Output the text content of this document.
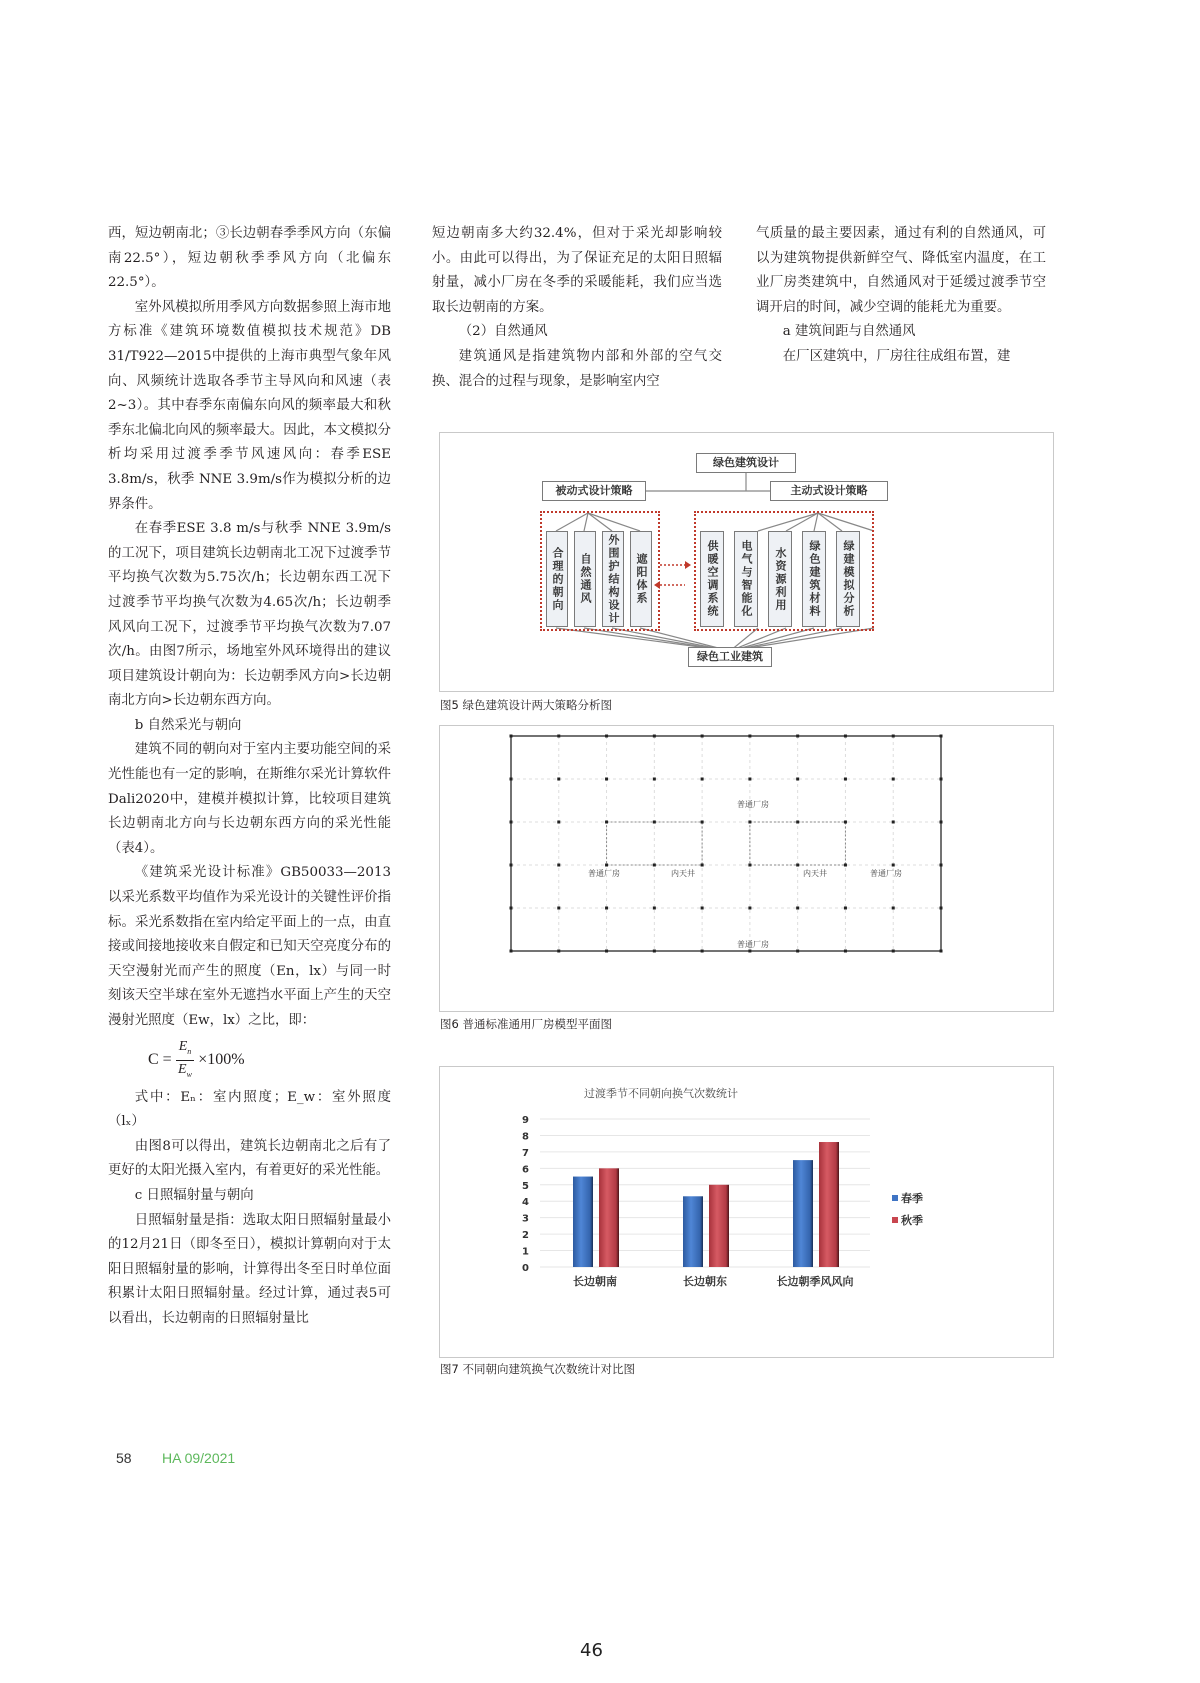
西，短边朝南北；③长边朝春季季风方向（东偏南22.5°），短边朝秋季季风方向（北偏东22.5°）。

室外风模拟所用季风方向数据参照上海市地方标准《建筑环境数值模拟技术规范》DB 31/T922—2015中提供的上海市典型气象年风向、风频统计选取各季节主导风向和风速（表2~3）。其中春季东南偏东向风的频率最大和秋季东北偏北向风的频率最大。因此，本文模拟分析均采用过渡季季节风速风向：春季ESE 3.8m/s，秋季 NNE 3.9m/s作为模拟分析的边界条件。

在春季ESE 3.8 m/s与秋季 NNE 3.9m/s的工况下，项目建筑长边朝南北工况下过渡季节平均换气次数为5.75次/h；长边朝东西工况下过渡季节平均换气次数为4.65次/h；长边朝季风风向工况下，过渡季节平均换气次数为7.07次/h。由图7所示，场地室外风环境得出的建议项目建筑设计朝向为：长边朝季风方向>长边朝南北方向>长边朝东西方向。

b 自然采光与朝向

建筑不同的朝向对于室内主要功能空间的采光性能也有一定的影响，在斯维尔采光计算软件Dali2020中，建模并模拟计算，比较项目建筑长边朝南北方向与长边朝东西方向的采光性能（表4）。

《建筑采光设计标准》GB50033—2013以采光系数平均值作为采光设计的关键性评价指标。采光系数指在室内给定平面上的一点，由直接或间接地接收来自假定和已知天空亮度分布的天空漫射光而产生的照度（En，lx）与同一时刻该天空半球在室外无遮挡水平面上产生的天空漫射光照度（Ew，lx）之比，即：

$C = \frac{E_n}{E_w} \times 100\%$

式中：Eₙ：室内照度；E_w：室外照度（lₓ）

由图8可以得出，建筑长边朝南北之后有了更好的太阳光摄入室内，有着更好的采光性能。

c 日照辐射量与朝向

日照辐射量是指：选取太阳日照辐射量最小的12月21日（即冬至日），模拟计算朝向对于太阳日照辐射量的影响，计算得出冬至日时单位面积累计太阳日照辐射量。经过计算，通过表5可以看出，长边朝南的日照辐射量比

短边朝南多大约32.4%，但对于采光却影响较小。由此可以得出，为了保证充足的太阳日照辐射量，减小厂房在冬季的采暖能耗，我们应当选取长边朝南的方案。

（2）自然通风

建筑通风是指建筑物内部和外部的空气交换、混合的过程与现象，是影响室内空

气质量的最主要因素，通过有利的自然通风，可以为建筑物提供新鲜空气、降低室内温度，在工业厂房类建筑中，自然通风对于延缓过渡季节空调开启的时间，减少空调的能耗尤为重要。

a 建筑间距与自然通风

在厂区建筑中，厂房往往成组布置，建

绿色建筑设计
被动式设计策略	主动式设计策略
合理的朝向	自然通风	外围护结构设计	遮阳体系	供暖空调系统	电气与智能化	水资源利用	绿色建筑材料	绿建模拟分析
绿色工业建筑
图5 绿色建筑设计两大策略分析图
普通厂房
普通厂房	内天井	内天井	普通厂房
普通厂房
图6 普通标准通用厂房模型平面图
过渡季节不同朝向换气次数统计
0
1
2
3
4
5
6
7
8
9
长边朝南	长边朝东	长边朝季风风向
春季
秋季
图7 不同朝向建筑换气次数统计对比图
58 HA 09/2021
46
